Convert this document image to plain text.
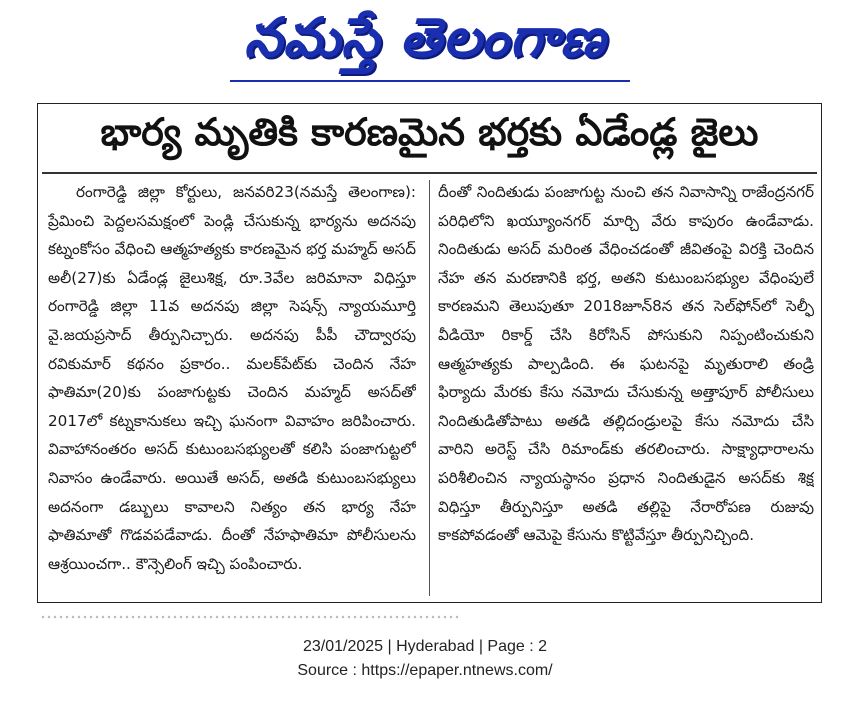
నమస్తే తెలంగాణ
భార్య మృతికి కారణమైన భర్తకు ఏడేండ్ల జైలు

రంగారెడ్డి జిల్లా కోర్టులు, జనవరి23(నమస్తే తెలంగాణ): ప్రేమించి పెద్దలసమక్షంలో పెండ్లి చేసుకున్న భార్యను అదనపు కట్నంకోసం వేధించి ఆత్మహత్యకు కారణమైన భర్త మహ్మద్ అసద్ అలీ(27)కు ఏడేండ్ల జైలుశిక్ష, రూ.3వేల జరిమానా విధిస్తూ రంగారెడ్డి జిల్లా 11వ అదనపు జిల్లా సెషన్స్ న్యాయమూర్తి వై.జయప్రసాద్ తీర్పునిచ్చారు. అదనపు పీపీ చౌద్వారపు రవికుమార్ కథనం ప్రకారం.. మలక్‌పేట్‌కు చెందిన నేహ ఫాతిమా(20)కు పంజాగుట్టకు చెందిన మహ్మద్ అసద్‌తో 2017లో కట్నకానుకలు ఇచ్చి ఘనంగా వివాహం జరిపించారు. వివాహానంతరం అసద్ కుటుంబసభ్యులతో కలిసి పంజాగుట్టలో నివాసం ఉండేవారు. అయితే అసద్, అతడి కుటుంబసభ్యులు అదనంగా డబ్బులు కావాలని నిత్యం తన భార్య నేహ ఫాతిమాతో గొడవపడేవాడు. దీంతో నేహఫాతిమా పోలీసులను ఆశ్రయించగా.. కౌన్సెలింగ్ ఇచ్చి పంపించారు.

దీంతో నిందితుడు పంజాగుట్ట నుంచి తన నివాసాన్ని రాజేంద్రనగర్ పరిధిలోని ఖయ్యూంనగర్ మార్చి వేరు కాపురం ఉండేవాడు. నిందితుడు అసద్ మరింత వేధించడంతో జీవితంపై విరక్తి చెందిన నేహ తన మరణానికి భర్త, అతని కుటుంబసభ్యుల వేధింపులే కారణమని తెలుపుతూ 2018జూన్8న తన సెల్‌ఫోన్‌లో సెల్ఫీ వీడియో రికార్డ్ చేసి కిరోసిన్ పోసుకుని నిప్పంటించుకుని ఆత్మహత్యకు పాల్పడింది. ఈ ఘటనపై మృతురాలి తండ్రి ఫిర్యాదు మేరకు కేసు నమోదు చేసుకున్న అత్తాపూర్ పోలీసులు నిందితుడితోపాటు అతడి తల్లిదండ్రులపై కేసు నమోదు చేసి వారిని అరెస్ట్ చేసి రిమాండ్‌కు తరలించారు. సాక్ష్యాధారాలను పరిశీలించిన న్యాయస్థానం ప్రధాన నిందితుడైన అసద్‌కు శిక్ష విధిస్తూ తీర్పునిస్తూ అతడి తల్లిపై నేరారోపణ రుజువు కాకపోవడంతో ఆమెపై కేసును కొట్టివేస్తూ తీర్పునిచ్చింది.

23/01/2025 | Hyderabad | Page : 2
Source : https://epaper.ntnews.com/
